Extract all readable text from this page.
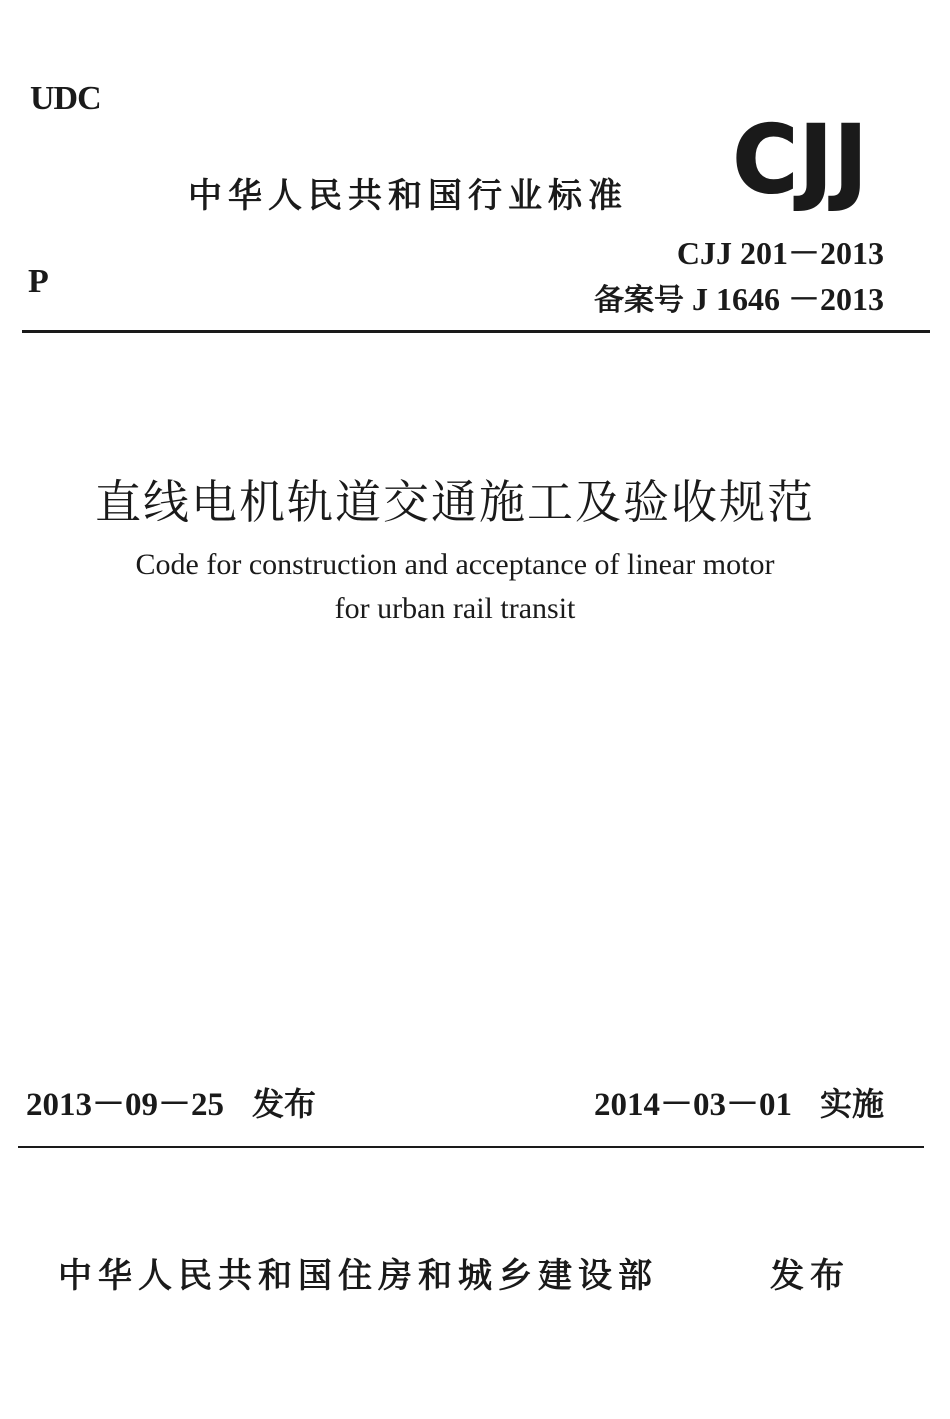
UDC
P
中华人民共和国行业标准 CJJ
CJJ 201－2013
备案号 J 1646 －2013
直线电机轨道交通施工及验收规范
Code for construction and acceptance of linear motor
for urban rail transit
2013－09－25 发布	2014－03－01 实施
中华人民共和国住房和城乡建设部	发布
